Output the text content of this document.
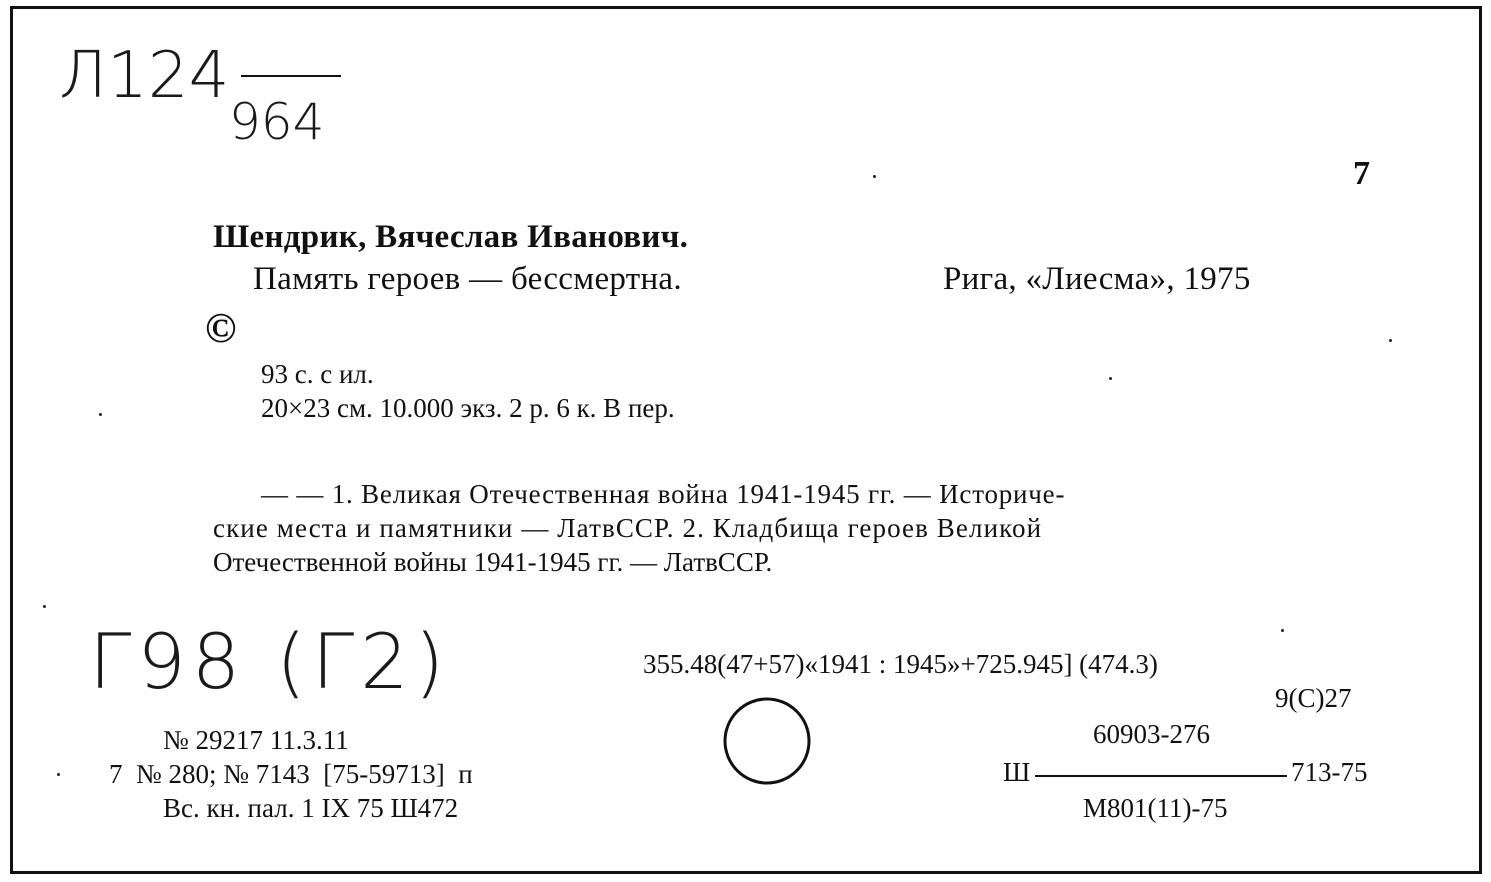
Л124
964
7
Шендрик, Вячеслав Иванович.
Память героев — бессмертна.	Рига, «Лиесма», 1975
©
93 с. с ил.
20×23 см. 10.000 экз. 2 р. 6 к. В пер.
— — 1. Великая Отечественная война 1941-1945 гг. — Историче-
ские места и памятники — ЛатвССР. 2. Кладбища героев Великой
Отечественной войны 1941-1945 гг. — ЛатвССР.
Г98 (Г2)	355.48(47+57)«1941 : 1945»+725.945] (474.3)
9(С)27
60903-276
Ш	713-75
М801(11)-75
№ 29217 11.3.11
7  № 280; № 7143  [75-59713]  п
Вс. кн. пал. 1 IX 75 Ш472
